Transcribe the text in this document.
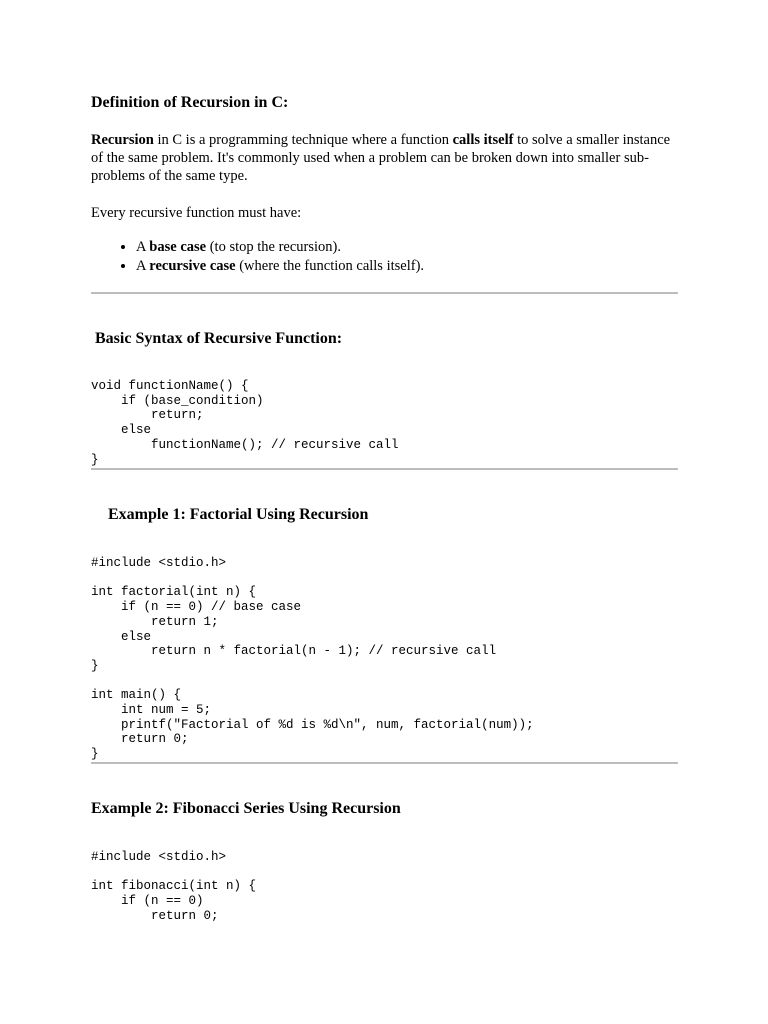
Definition of Recursion in C:

Recursion in C is a programming technique where a function calls itself to solve a smaller instance of the same problem. It's commonly used when a problem can be broken down into smaller sub-problems of the same type.

Every recursive function must have:

• A base case (to stop the recursion).
• A recursive case (where the function calls itself).
Basic Syntax of Recursive Function:
void functionName() {
if (base_condition)
return;
else
functionName(); // recursive call
}
Example 1: Factorial Using Recursion
#include <stdio.h>

int factorial(int n) {
if (n == 0) // base case
return 1;
else
return n * factorial(n - 1); // recursive call
}

int main() {
int num = 5;
printf("Factorial of %d is %d\n", num, factorial(num));
return 0;
}
Example 2: Fibonacci Series Using Recursion
#include <stdio.h>

int fibonacci(int n) {
if (n == 0)
return 0;
